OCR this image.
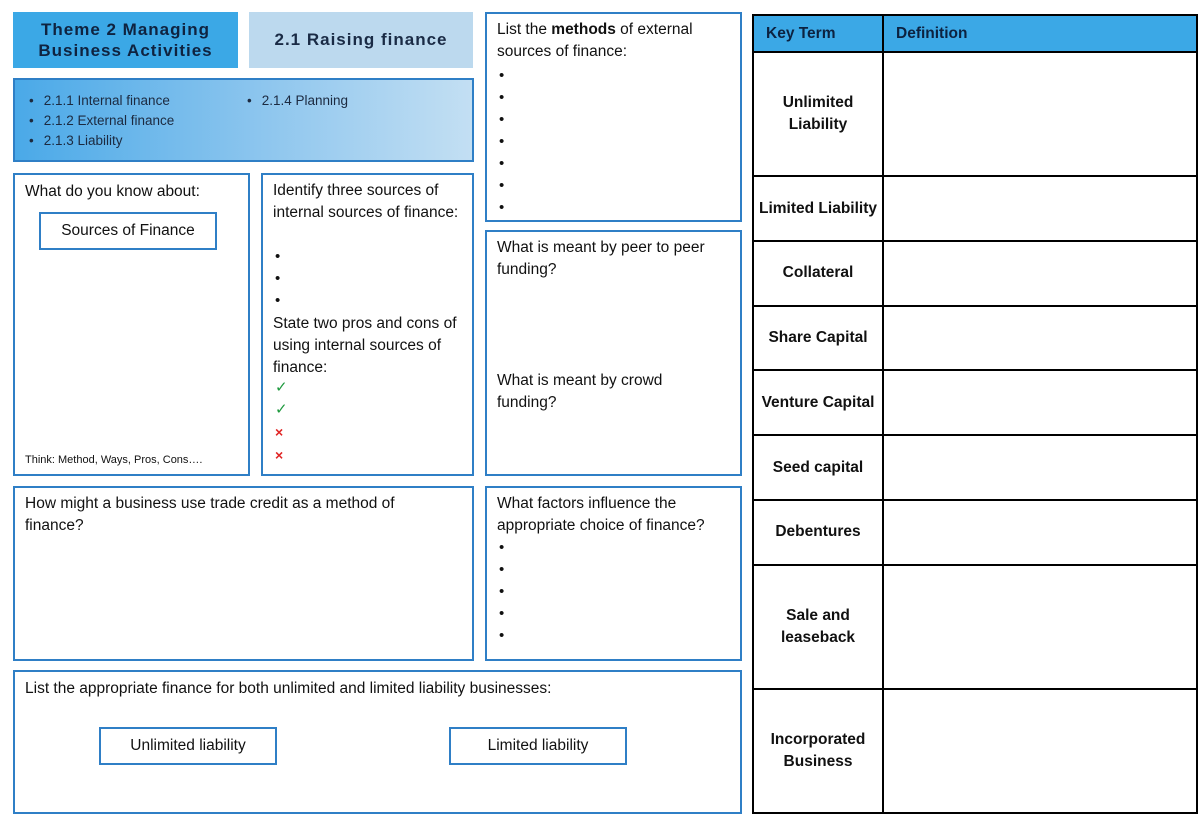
Theme 2 Managing
Business Activities
2.1 Raising finance
• 2.1.1 Internal finance
• 2.1.2 External finance
• 2.1.3 Liability
• 2.1.4 Planning
What do you know about:
Sources of Finance
Think: Method, Ways, Pros, Cons….
Identify three sources of internal sources of finance:
•
•
•
State two pros and cons of using internal sources of finance:
✓
✓
×
×
List the methods of external sources of finance:
•
•
•
•
•
•
•
What is meant by peer to peer funding?
What is meant by crowd funding?
How might a business use trade credit as a method of finance?
What factors influence the appropriate choice of finance?
•
•
•
•
•
List the appropriate finance for both unlimited and limited liability businesses:
Unlimited liability	Limited liability
Key Term	Definition
Unlimited Liability	
Limited Liability	
Collateral	
Share Capital	
Venture Capital	
Seed capital	
Debentures	
Sale and leaseback	
Incorporated Business	
